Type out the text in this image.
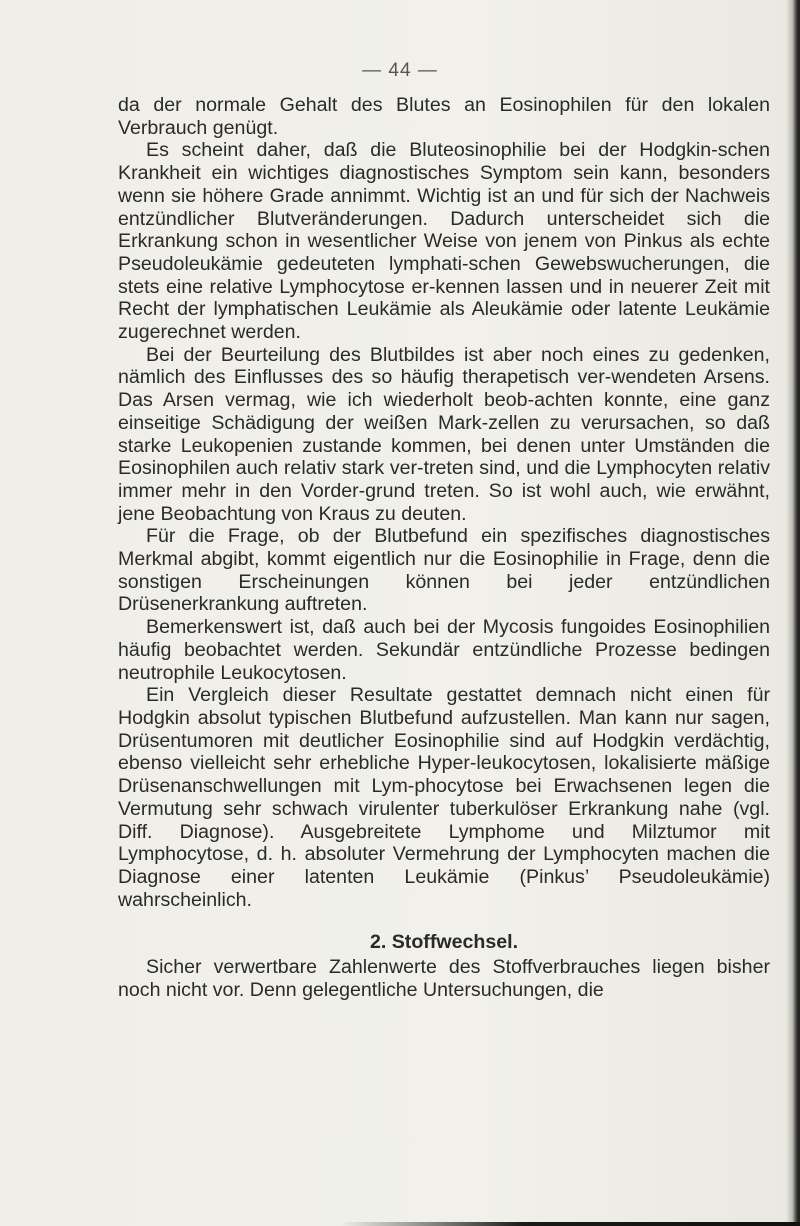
— 44 —

da der normale Gehalt des Blutes an Eosinophilen für den lokalen Verbrauch genügt.

Es scheint daher, daß die Bluteosinophilie bei der Hodgkin-schen Krankheit ein wichtiges diagnostisches Symptom sein kann, besonders wenn sie höhere Grade annimmt. Wichtig ist an und für sich der Nachweis entzündlicher Blutveränderungen. Dadurch unterscheidet sich die Erkrankung schon in wesentlicher Weise von jenem von Pinkus als echte Pseudoleukämie gedeuteten lymphati-schen Gewebswucherungen, die stets eine relative Lymphocytose er-kennen lassen und in neuerer Zeit mit Recht der lymphatischen Leukämie als Aleukämie oder latente Leukämie zugerechnet werden.

Bei der Beurteilung des Blutbildes ist aber noch eines zu gedenken, nämlich des Einflusses des so häufig therapetisch ver-wendeten Arsens. Das Arsen vermag, wie ich wiederholt beob-achten konnte, eine ganz einseitige Schädigung der weißen Mark-zellen zu verursachen, so daß starke Leukopenien zustande kommen, bei denen unter Umständen die Eosinophilen auch relativ stark ver-treten sind, und die Lymphocyten relativ immer mehr in den Vorder-grund treten. So ist wohl auch, wie erwähnt, jene Beobachtung von Kraus zu deuten.

Für die Frage, ob der Blutbefund ein spezifisches diagnostisches Merkmal abgibt, kommt eigentlich nur die Eosinophilie in Frage, denn die sonstigen Erscheinungen können bei jeder entzündlichen Drüsenerkrankung auftreten.

Bemerkenswert ist, daß auch bei der Mycosis fungoides Eosinophilien häufig beobachtet werden. Sekundär entzündliche Prozesse bedingen neutrophile Leukocytosen.

Ein Vergleich dieser Resultate gestattet demnach nicht einen für Hodgkin absolut typischen Blutbefund aufzustellen. Man kann nur sagen, Drüsentumoren mit deutlicher Eosinophilie sind auf Hodgkin verdächtig, ebenso vielleicht sehr erhebliche Hyper-leukocytosen, lokalisierte mäßige Drüsenanschwellungen mit Lym-phocytose bei Erwachsenen legen die Vermutung sehr schwach virulenter tuberkulöser Erkrankung nahe (vgl. Diff. Diagnose). Ausgebreitete Lymphome und Milztumor mit Lymphocytose, d. h. absoluter Vermehrung der Lymphocyten machen die Diagnose einer latenten Leukämie (Pinkus’ Pseudoleukämie) wahrscheinlich.

2. Stoffwechsel.

Sicher verwertbare Zahlenwerte des Stoffverbrauches liegen bisher noch nicht vor. Denn gelegentliche Untersuchungen, die
